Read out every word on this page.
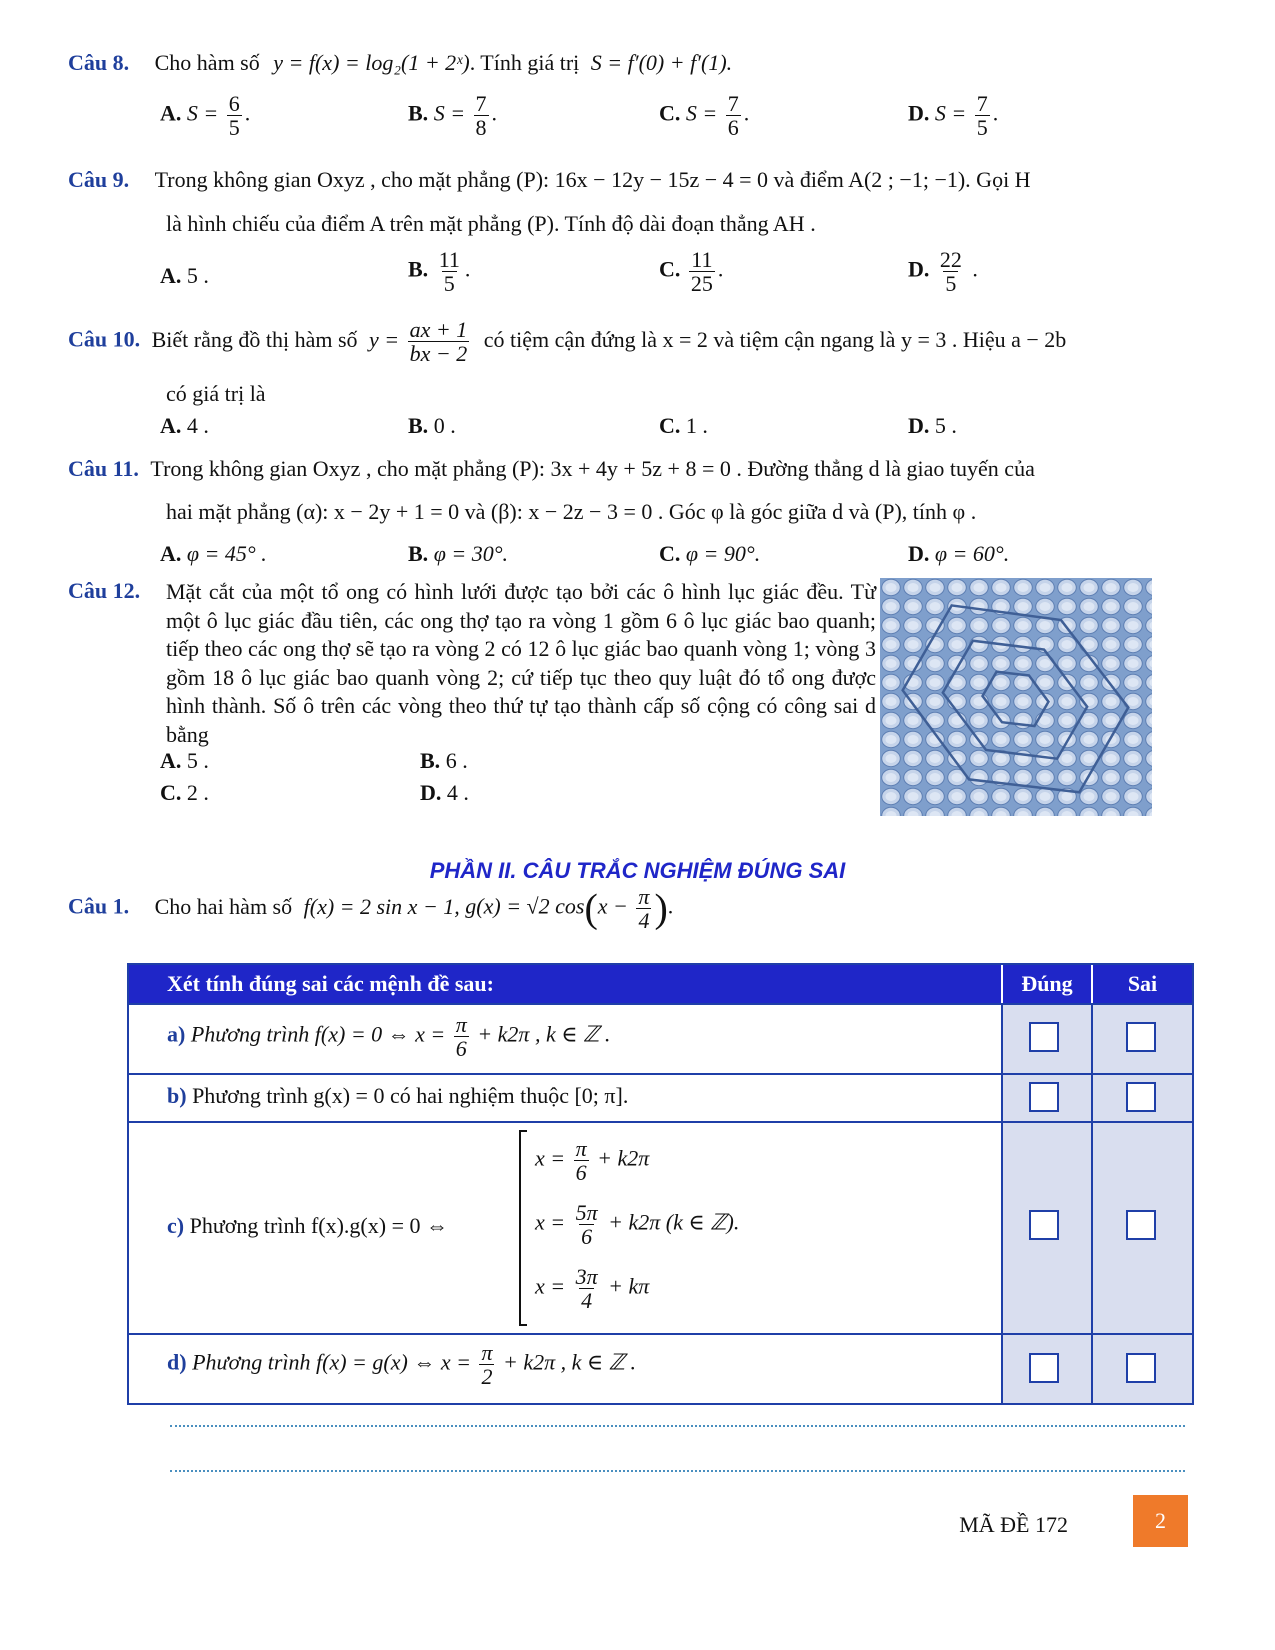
Câu 8. Cho hàm số y = f(x) = log₂(1 + 2ˣ). Tính giá trị S = f′(0) + f′(1).
A. $S = \frac{6}{5}$ .	B. $S = \frac{7}{8}$ .	C. $S = \frac{7}{6}$ .	D. $S = \frac{7}{5}$ .
Câu 9. Trong không gian Oxyz , cho mặt phẳng (P): 16x − 12y − 15z − 4 = 0 và điểm A(2 ; −1; −1). Gọi H
là hình chiếu của điểm A trên mặt phẳng (P). Tính độ dài đoạn thẳng AH .
A. 5 .	B. $\frac{11}{5}$ .	C. $\frac{11}{25}$ .	D. $\frac{22}{5}$ .
Câu 10. Biết rằng đồ thị hàm số $y = \frac{ax + 1}{bx - 2}$ có tiệm cận đứng là x = 2 và tiệm cận ngang là y = 3 . Hiệu a − 2b
có giá trị là
A. 4 .	B. 0 .	C. 1 .	D. 5 .
Câu 11. Trong không gian Oxyz , cho mặt phẳng (P): 3x + 4y + 5z + 8 = 0 . Đường thẳng d là giao tuyến của
hai mặt phẳng (α): x − 2y + 1 = 0 và (β): x − 2z − 3 = 0 . Góc φ là góc giữa d và (P), tính φ .
A. φ = 45° .	B. φ = 30°.	C. φ = 90°.	D. φ = 60°.
Câu 12. Mặt cắt của một tổ ong có hình lưới được tạo bởi các ô hình lục giác đều. Từ một ô lục giác đầu tiên, các ong thợ tạo ra vòng 1 gồm 6 ô lục giác bao quanh; tiếp theo các ong thợ sẽ tạo ra vòng 2 có 12 ô lục giác bao quanh vòng 1; vòng 3 gồm 18 ô lục giác bao quanh vòng 2; cứ tiếp tục theo quy luật đó tổ ong được hình thành. Số ô trên các vòng theo thứ tự tạo thành cấp số cộng có công sai d bằng
A. 5 .	B. 6 .
C. 2 .	D. 4 .
PHẦN II. CÂU TRẮC NGHIỆM ĐÚNG SAI
Câu 1. Cho hai hàm số f(x) = 2 sin x − 1, g(x) = √2 $\cos(x - \frac{\pi}{4}$ ).
Xét tính đúng sai các mệnh đề sau:	Đúng	Sai
a) Phương trình f(x) = 0 ⇔ $x = \frac{\pi}{6} + k2\pi$ , k ∈ ℤ .
b) Phương trình g(x) = 0 có hai nghiệm thuộc [0; π].
c) Phương trình f(x).g(x) = 0 ⇔
$x = \frac{\pi}{6} + k2\pi$
$x = \frac{5\pi}{6} + k2\pi$ (k ∈ ℤ).
$x = \frac{3\pi}{4} + k\pi$
d) Phương trình f(x) = g(x) ⇔ $x = \frac{\pi}{2} + k2\pi$ , k ∈ ℤ .
MÃ ĐỀ 172	2
